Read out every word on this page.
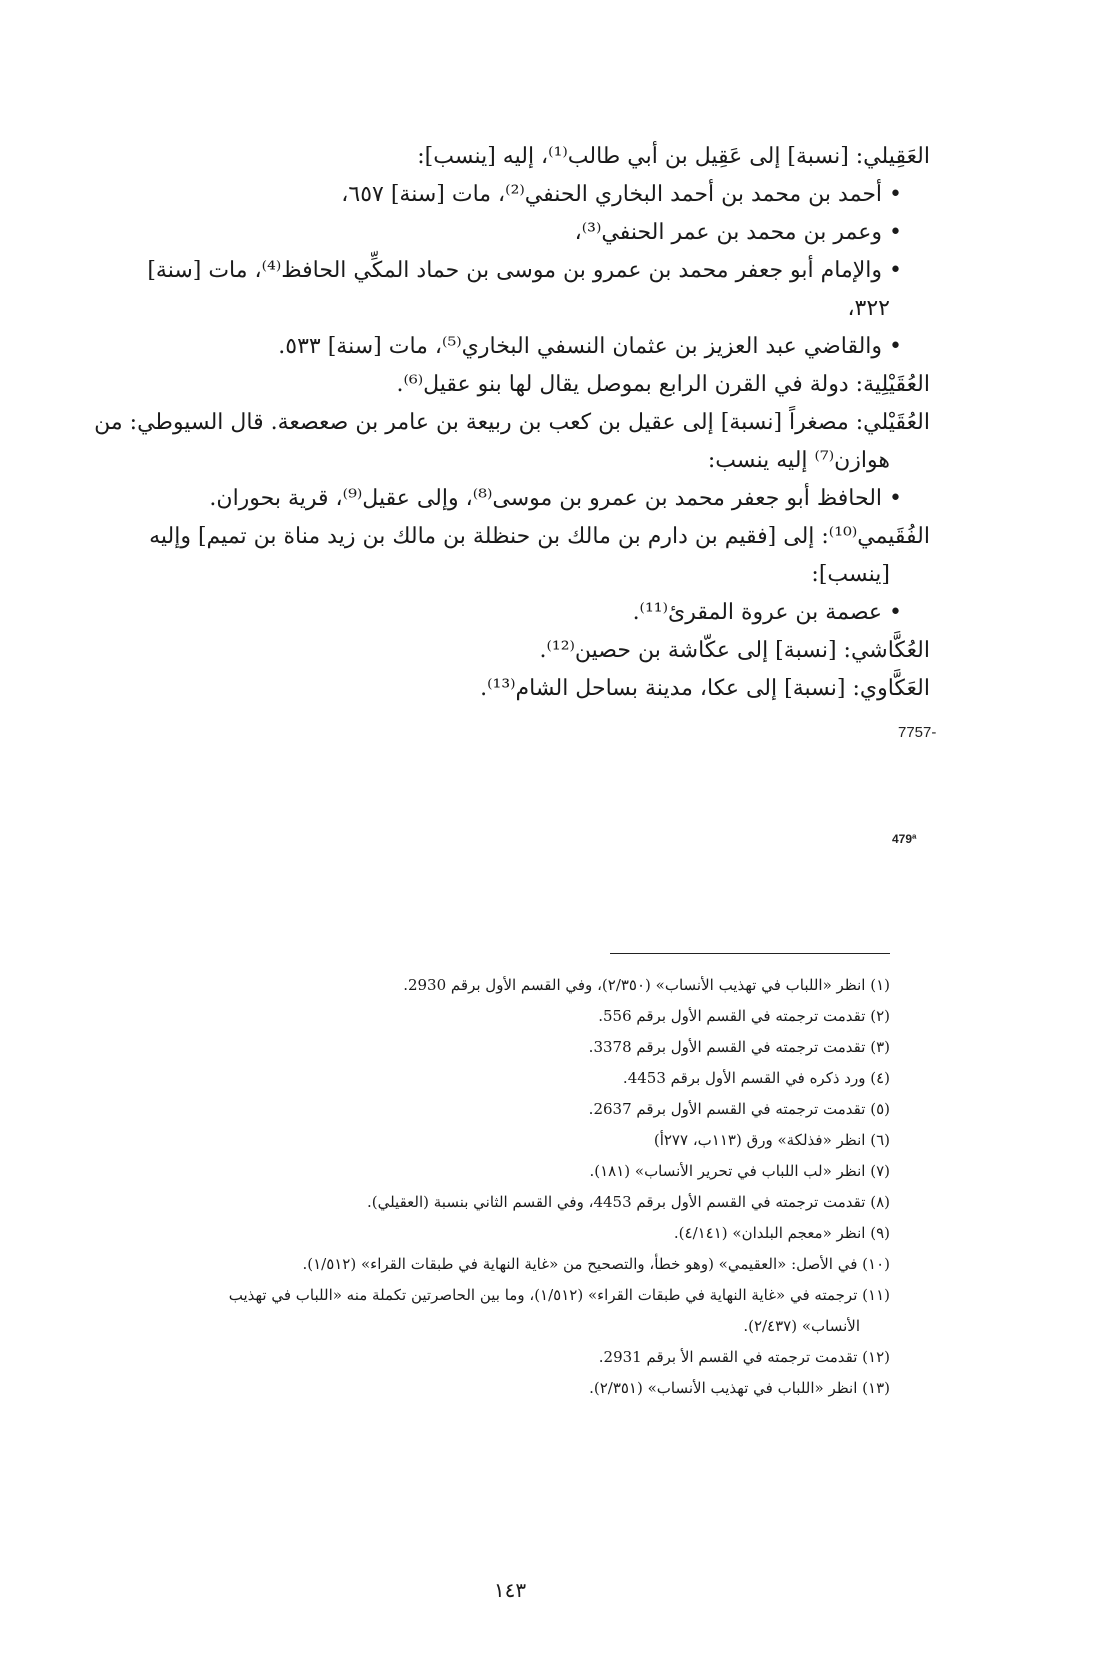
العَقِيلي: [نسبة] إلى عَقِيل بن أبي طالب⁽¹⁾، إليه [ينسب]:
• أحمد بن محمد بن أحمد البخاري الحنفي⁽²⁾، مات [سنة] ٦٥٧،
• وعمر بن محمد بن عمر الحنفي⁽³⁾،
• والإمام أبو جعفر محمد بن عمرو بن موسى بن حماد المكِّي الحافظ⁽⁴⁾، مات [سنة]
٣٢٢،
• والقاضي عبد العزيز بن عثمان النسفي البخاري⁽⁵⁾، مات [سنة] ٥٣٣.
العُقَيْلِية: دولة في القرن الرابع بموصل يقال لها بنو عقيل⁽⁶⁾.
العُقَيْلي: مصغراً [نسبة] إلى عقيل بن كعب بن ربيعة بن عامر بن صعصعة. قال السيوطي: من
هوازن⁽⁷⁾ إليه ينسب:
• الحافظ أبو جعفر محمد بن عمرو بن موسى⁽⁸⁾، وإلى عقيل⁽⁹⁾، قرية بحوران.
الفُقَيمي⁽¹⁰⁾: إلى [فقيم بن دارم بن مالك بن حنظلة بن مالك بن زيد مناة بن تميم] وإليه
[ينسب]:
• عصمة بن عروة المقرئ⁽¹¹⁾.
العُكَّاشي: [نسبة] إلى عكّاشة بن حصين⁽¹²⁾.
العَكَّاوي: [نسبة] إلى عكا، مدينة بساحل الشام⁽¹³⁾.
7757-
479ª
(١) انظر «اللباب في تهذيب الأنساب» (٢/٣٥٠)، وفي القسم الأول برقم 2930.
(٢) تقدمت ترجمته في القسم الأول برقم 556.
(٣) تقدمت ترجمته في القسم الأول برقم 3378.
(٤) ورد ذكره في القسم الأول برقم 4453.
(٥) تقدمت ترجمته في القسم الأول برقم 2637.
(٦) انظر «فذلكة» ورق (١١٣ب، ٢٧٧أ)
(٧) انظر «لب اللباب في تحرير الأنساب» (١٨١).
(٨) تقدمت ترجمته في القسم الأول برقم 4453، وفي القسم الثاني بنسبة (العقيلي).
(٩) انظر «معجم البلدان» (٤/١٤١).
(١٠) في الأصل: «العقيمي» (وهو خطأ، والتصحيح من «غاية النهاية في طبقات القراء» (١/٥١٢).
(١١) ترجمته في «غاية النهاية في طبقات القراء» (١/٥١٢)، وما بين الحاصرتين تكملة منه «اللباب في تهذيب
الأنساب» (٢/٤٣٧).
(١٢) تقدمت ترجمته في القسم الأ برقم 2931.
(١٣) انظر «اللباب في تهذيب الأنساب» (٢/٣٥١).
١٤٣
